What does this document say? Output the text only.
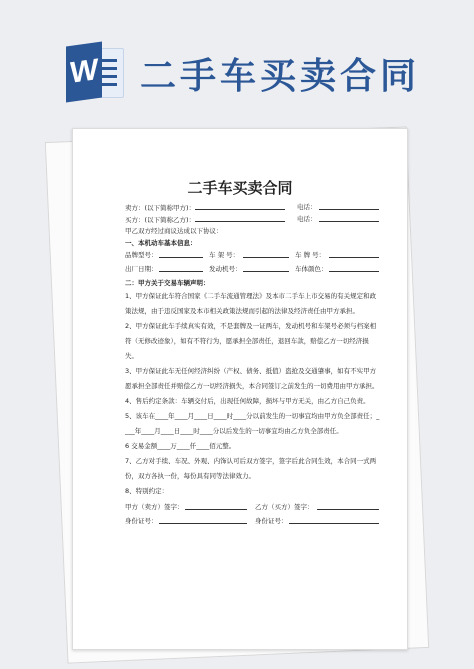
W 二手车买卖合同
二手车买卖合同
卖方：(以下简称甲方)：	电话：
买方：(以下简称乙方)：	电话：
甲乙双方经过商议达成以下协议：
一、本机动车基本信息：
品牌型号：	车 架 号：	车 牌 号：
出厂日期：	发动机号：	车体颜色：
二：甲方关于交易车辆声明：
1、甲方保证此车符合国家《二手车流通管理法》及本市二手车上市交易的有关规定和政策法规，由于违反国家及本市相关政策法规而引起的法律及经济责任由甲方承担。
2、甲方保证此车手续真实有效，不是套牌及一证两车，发动机号和车架号必须与档案相符（无修改迹象），如有不符行为，愿承担全部责任，退回车款，赔偿乙方一切经济损失。
3、甲方保证此车无任何经济纠纷（产权、债务、抵值）盗抢及交通肇事，如有不实甲方愿承担全部责任并赔偿乙方一切经济损失，本合同签订之前发生的一切费用由甲方承担。
4、售后约定条款：车辆交付后，出现任何故障，损坏与甲方无关，由乙方自己负责。
5、该车在____年____月____日____时____分以前发生的一切事宜均由甲方负全部责任；____年____月____日____时____分以后发生的一切事宜均由乙方负全部责任。
6 交易金额____万____仟____佰元整。
7、乙方对手续、车况、外观、内饰认可后双方签字，签字后此合同生效，本合同一式两份，双方各执一份，每份具有同等法律效力。
8、特别约定：
甲方（卖方）签字：	乙方（买方）签字：
身份证号：	身份证号：
